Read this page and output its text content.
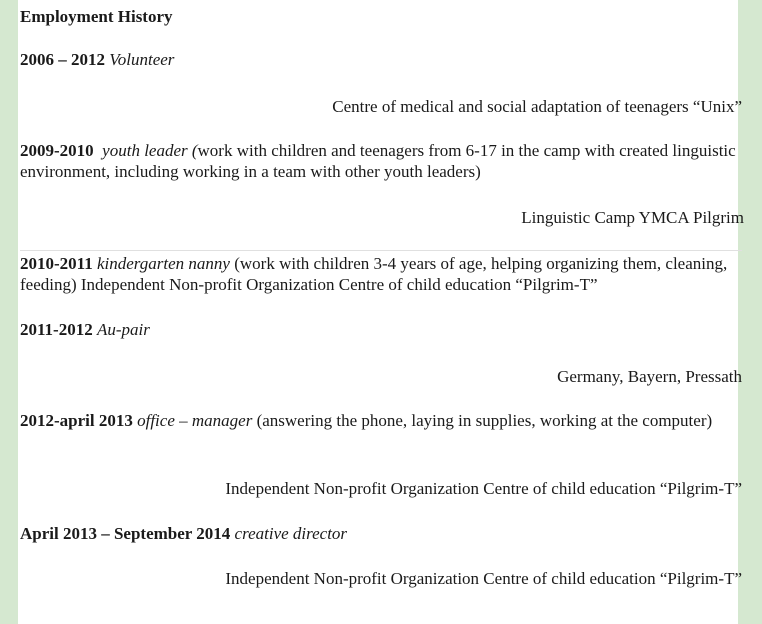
Employment History
2006 – 2012 Volunteer
Centre of medical and social adaptation of teenagers “Unix”
2009-2010 youth leader (work with children and teenagers from 6-17 in the camp with created linguistic environment, including working in a team with other youth leaders)
Linguistic Camp YMCA Pilgrim
2010-2011 kindergarten nanny (work with children 3-4 years of age, helping organizing them, cleaning, feeding) Independent Non-profit Organization Centre of child education “Pilgrim-T”
2011-2012 Au-pair
Germany, Bayern, Pressath
2012-april 2013 office – manager (answering the phone, laying in supplies, working at the computer)
Independent Non-profit Organization Centre of child education “Pilgrim-T”
April 2013 – September 2014 creative director
Independent Non-profit Organization Centre of child education “Pilgrim-T”
